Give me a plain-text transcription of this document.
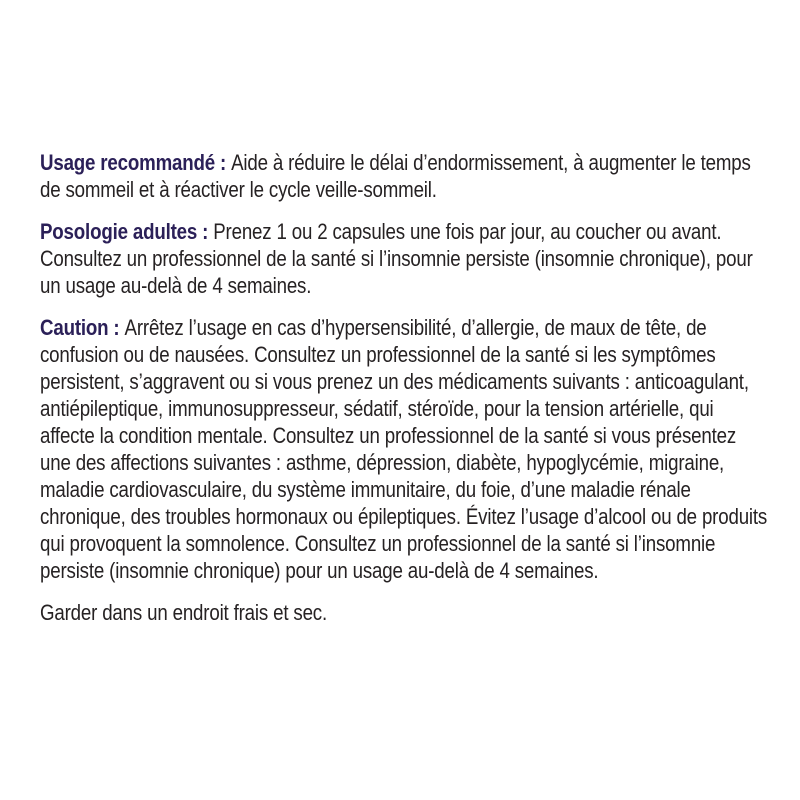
Usage recommandé : Aide à réduire le délai d’endormissement, à augmenter le temps de sommeil et à réactiver le cycle veille-sommeil.

Posologie adultes : Prenez 1 ou 2 capsules une fois par jour, au coucher ou avant. Consultez un professionnel de la santé si l’insomnie persiste (insomnie chronique), pour un usage au-delà de 4 semaines.

Caution : Arrêtez l’usage en cas d’hypersensibilité, d’allergie, de maux de tête, de confusion ou de nausées. Consultez un professionnel de la santé si les symptômes persistent, s’aggravent ou si vous prenez un des médicaments suivants : anticoagulant, antiépileptique, immunosuppresseur, sédatif, stéroïde, pour la tension artérielle, qui affecte la condition mentale. Consultez un professionnel de la santé si vous présentez une des affections suivantes : asthme, dépression, diabète, hypoglycémie, migraine, maladie cardiovasculaire, du système immunitaire, du foie, d’une maladie rénale chronique, des troubles hormonaux ou épileptiques. Évitez l’usage d’alcool ou de produits qui provoquent la somnolence. Consultez un professionnel de la santé si l’insomnie persiste (insomnie chronique) pour un usage au-delà de 4 semaines.

Garder dans un endroit frais et sec.
